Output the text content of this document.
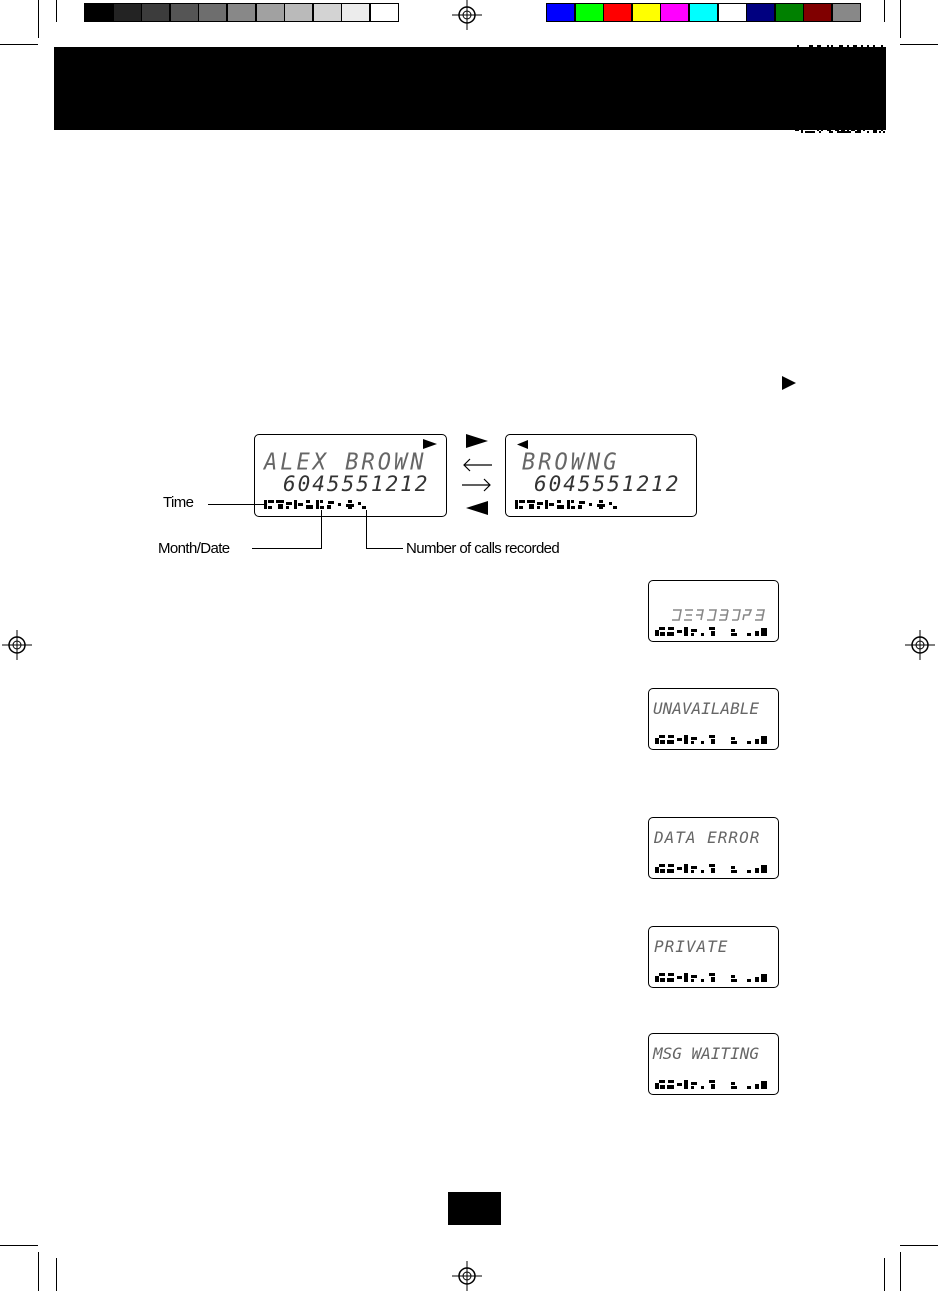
ALEX BROWN
6045551212
BROWNG
6045551212
Time
Month/Date	Number of calls recorded
UNAVAILABLE
DATA ERROR
PRIVATE
MSG WAITING
